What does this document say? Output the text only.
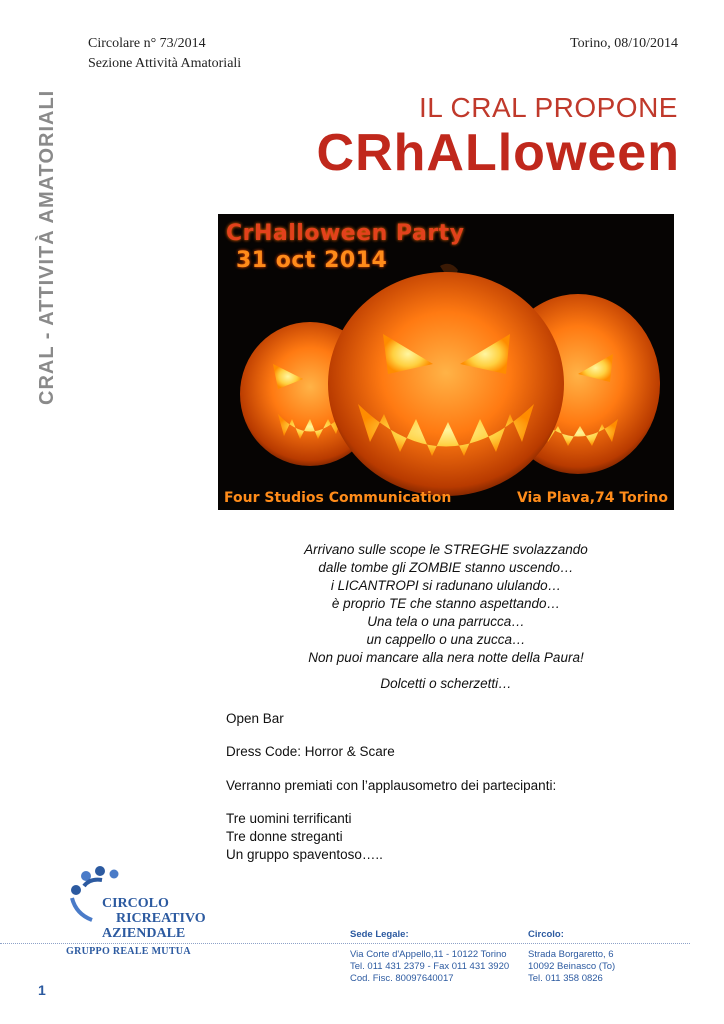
Circolare n° 73/2014
Sezione Attività Amatoriali
Torino, 08/10/2014
CRAL - ATTIVITÀ AMATORIALI	IL CRAL PROPONE
CRhALloween
CrHalloween Party
31 oct 2014
Four Studios Communication	Via Plava,74 Torino
Arrivano sulle scope le STREGHE svolazzando
dalle tombe gli ZOMBIE stanno uscendo…
i LICANTROPI si radunano ululando…
è proprio TE che stanno aspettando…
Una tela o una parrucca…
un cappello o una zucca…
Non puoi mancare alla nera notte della Paura!
Dolcetti o scherzetti…
Open Bar
Dress Code: Horror & Scare
Verranno premiati con l’applausometro dei partecipanti:
Tre uomini terrificanti
Tre donne streganti
Un gruppo spaventoso…..
CIRCOLO
RICREATIVO
AZIENDALE
GRUPPO REALE MUTUA
Sede Legale:
Via Corte d'Appello,11 - 10122 Torino
Tel. 011 431 2379 - Fax 011 431 3920
Cod. Fisc. 80097640017
Circolo:
Strada Borgaretto, 6
10092 Beinasco (To)
Tel. 011 358 0826
1
